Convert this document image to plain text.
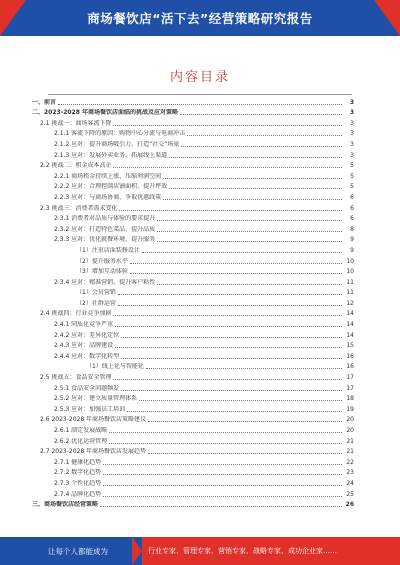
商场餐饮店“活下去”经营策略研究报告
内容目录
一、前言	3
二、2023-2028 年商场餐饮店面临的挑战及应对策略	3
2.1 挑战一：商场客流下降	3
2.1.1 客流下降的原因：购物中心分流与电商冲击	3
2.1.2 应对：提升商场吸引力，打造“社交”场景	3
2.1.3 应对：发展外卖业务，拓展线上渠道	3
2.2 挑战二：租金成本高企	5
2.2.1 商场租金持续上涨，压缩利润空间	5
2.2.2 应对：合理控制店铺面积，提升坪效	5
2.2.3 应对：与商场协商，争取优惠政策	6
2.3 挑战三：消费者需求变化	6
2.3.1 消费者对品质与体验的要求提升	6
2.3.2 应对：打造特色菜品，提升品质	8
2.3.3 应对：优化就餐环境，提升服务	9
（1）注重店面装修设计	9
（2）提升服务水平	10
（3）增加互动体验	10
2.3.4 应对：精准营销，提升客户粘性	11
（1）会员营销	11
（2）社群运营	12
2.4 挑战四：行业竞争加剧	14
2.4.1 同质化竞争严重	14
2.4.2 应对：差异化定位	14
2.4.3 应对：品牌建设	15
2.4.4 应对：数字化转型	16
（1）线上化与智能化	16
2.5 挑战五：食品安全管理	17
2.5.1 食品安全问题频发	17
2.5.2 应对：建立质量管理体系	18
2.5.3 应对：加强员工培训	19
2.6 2023-2028 年商场餐饮店策略建议	20
2.6.1 制定发展战略	20
2.6.2 优化运营管理	21
2.7 2023-2028 年商场餐饮店发展趋势	21
2.7.1 健康化趋势	22
2.7.2 数字化趋势	23
2.7.3 个性化趋势	24
2.7.4 品牌化趋势	25
三、商场餐饮店经营策略	26
让每个人都能成为	行业专家、管理专家、营销专家、战略专家、成功企业家……
